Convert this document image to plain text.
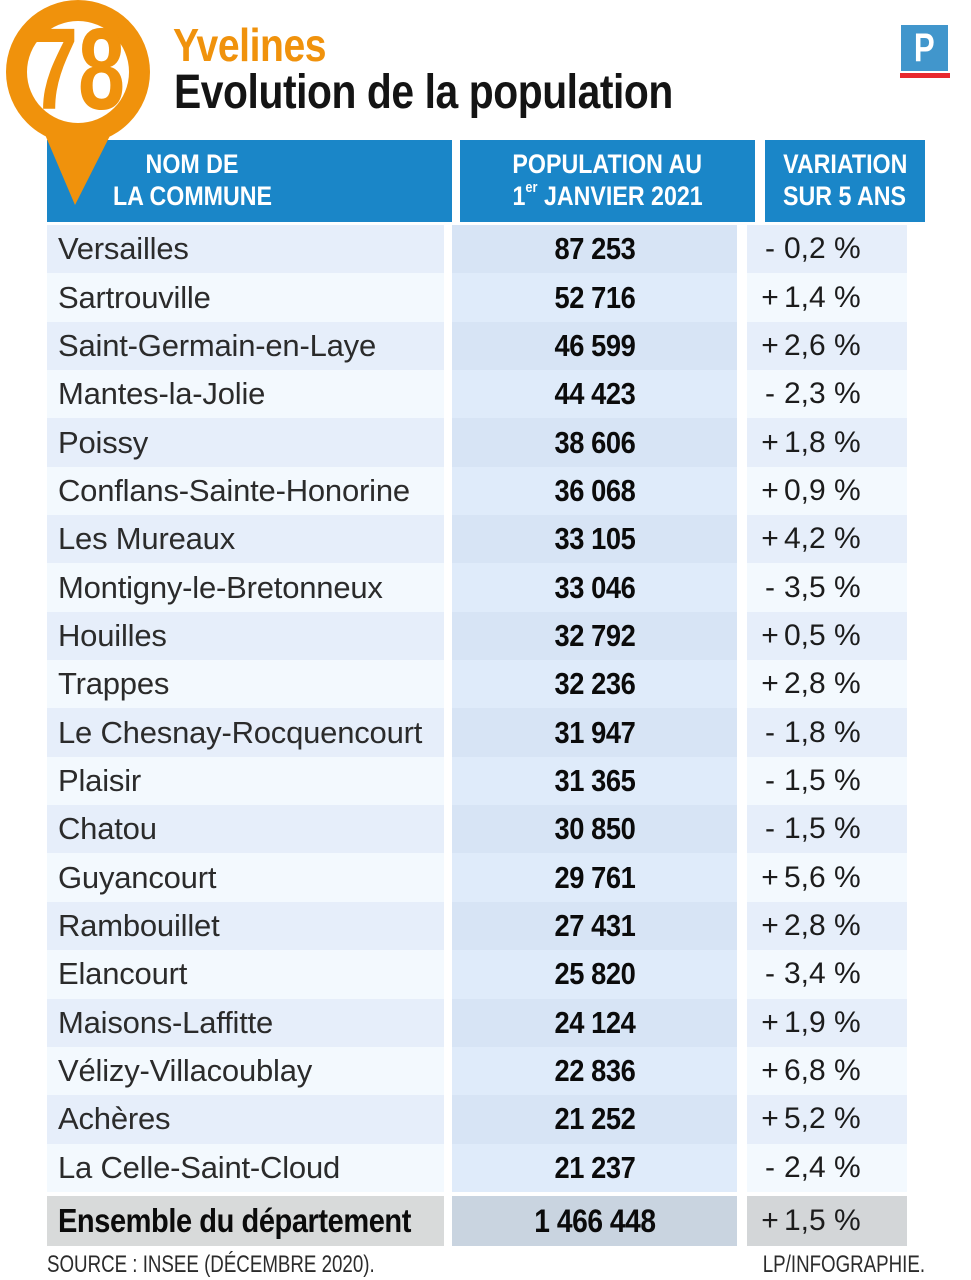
78 Yvelines
Evolution de la population
P
NOM DE
LA COMMUNE
POPULATION AU
1er JANVIER 2021
VARIATION
SUR 5 ANS
Versailles	87 253	- 0,2 %
Sartrouville	52 716	+ 1,4 %
Saint-Germain-en-Laye	46 599	+ 2,6 %
Mantes-la-Jolie	44 423	- 2,3 %
Poissy	38 606	+ 1,8 %
Conflans-Sainte-Honorine	36 068	+ 0,9 %
Les Mureaux	33 105	+ 4,2 %
Montigny-le-Bretonneux	33 046	- 3,5 %
Houilles	32 792	+ 0,5 %
Trappes	32 236	+ 2,8 %
Le Chesnay-Rocquencourt	31 947	- 1,8 %
Plaisir	31 365	- 1,5 %
Chatou	30 850	- 1,5 %
Guyancourt	29 761	+ 5,6 %
Rambouillet	27 431	+ 2,8 %
Elancourt	25 820	- 3,4 %
Maisons-Laffitte	24 124	+ 1,9 %
Vélizy-Villacoublay	22 836	+ 6,8 %
Achères	21 252	+ 5,2 %
La Celle-Saint-Cloud	21 237	- 2,4 %
Ensemble du département	1 466 448	+ 1,5 %
SOURCE : INSEE (DÉCEMBRE 2020).	LP/INFOGRAPHIE.
